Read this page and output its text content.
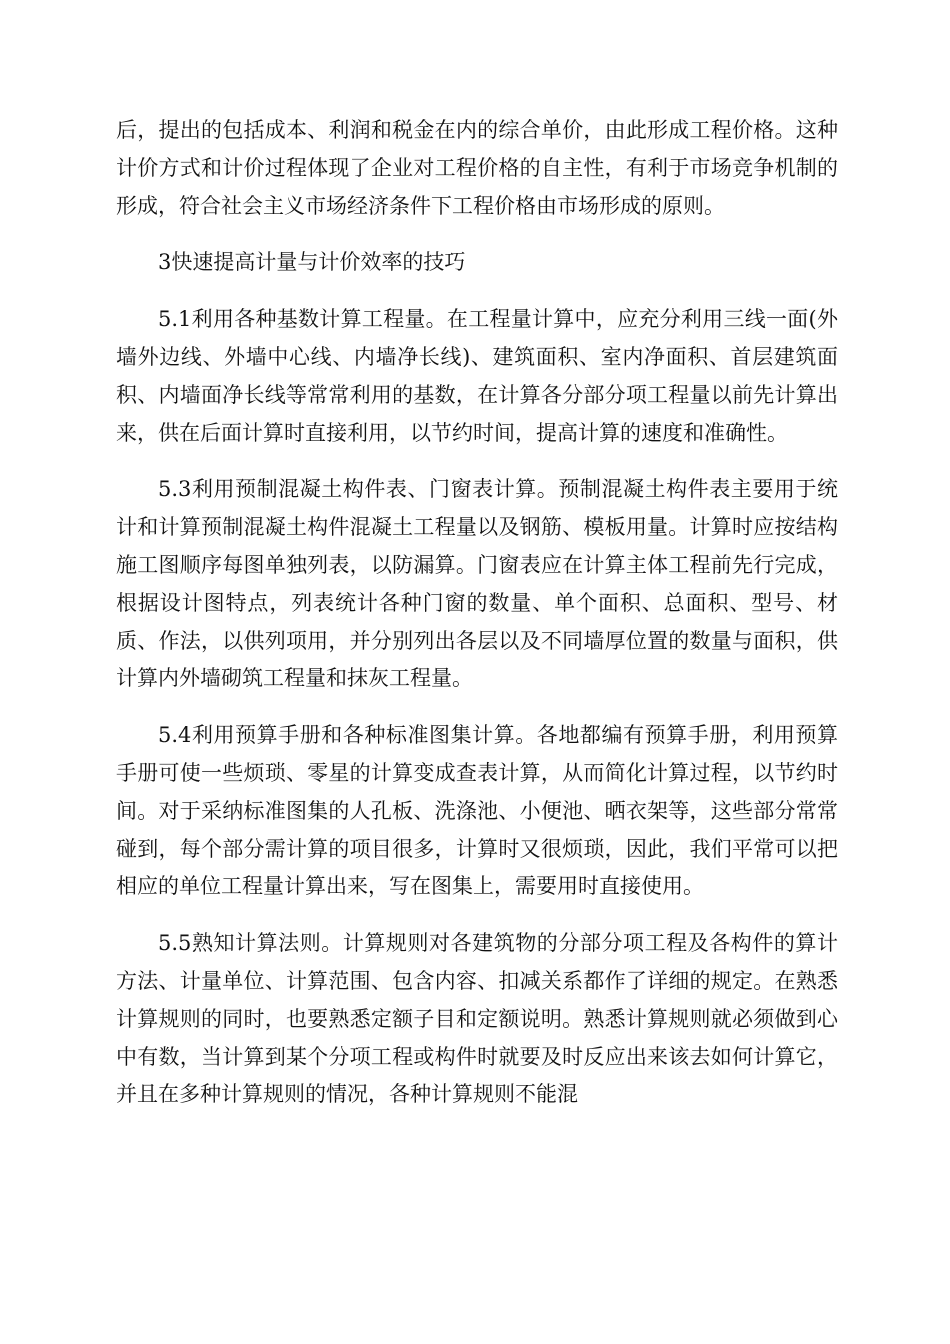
后，提出的包括成本、利润和税金在内的综合单价，由此形成工程价格。这种计价方式和计价过程体现了企业对工程价格的自主性，有利于市场竞争机制的形成，符合社会主义市场经济条件下工程价格由市场形成的原则。

3快速提高计量与计价效率的技巧

5.1利用各种基数计算工程量。在工程量计算中，应充分利用三线一面(外墙外边线、外墙中心线、内墙净长线)、建筑面积、室内净面积、首层建筑面积、内墙面净长线等常常利用的基数，在计算各分部分项工程量以前先计算出来，供在后面计算时直接利用，以节约时间，提高计算的速度和准确性。

5.3利用预制混凝土构件表、门窗表计算。预制混凝土构件表主要用于统计和计算预制混凝土构件混凝土工程量以及钢筋、模板用量。计算时应按结构施工图顺序每图单独列表，以防漏算。门窗表应在计算主体工程前先行完成，根据设计图特点，列表统计各种门窗的数量、单个面积、总面积、型号、材质、作法，以供列项用，并分别列出各层以及不同墙厚位置的数量与面积，供计算内外墙砌筑工程量和抹灰工程量。

5.4利用预算手册和各种标准图集计算。各地都编有预算手册，利用预算手册可使一些烦琐、零星的计算变成查表计算，从而简化计算过程，以节约时间。对于采纳标准图集的人孔板、洗涤池、小便池、晒衣架等，这些部分常常碰到，每个部分需计算的项目很多，计算时又很烦琐，因此，我们平常可以把相应的单位工程量计算出来，写在图集上，需要用时直接使用。

5.5熟知计算法则。计算规则对各建筑物的分部分项工程及各构件的算计方法、计量单位、计算范围、包含内容、扣减关系都作了详细的规定。在熟悉计算规则的同时，也要熟悉定额子目和定额说明。熟悉计算规则就必须做到心中有数，当计算到某个分项工程或构件时就要及时反应出来该去如何计算它，并且在多种计算规则的情况，各种计算规则不能混
